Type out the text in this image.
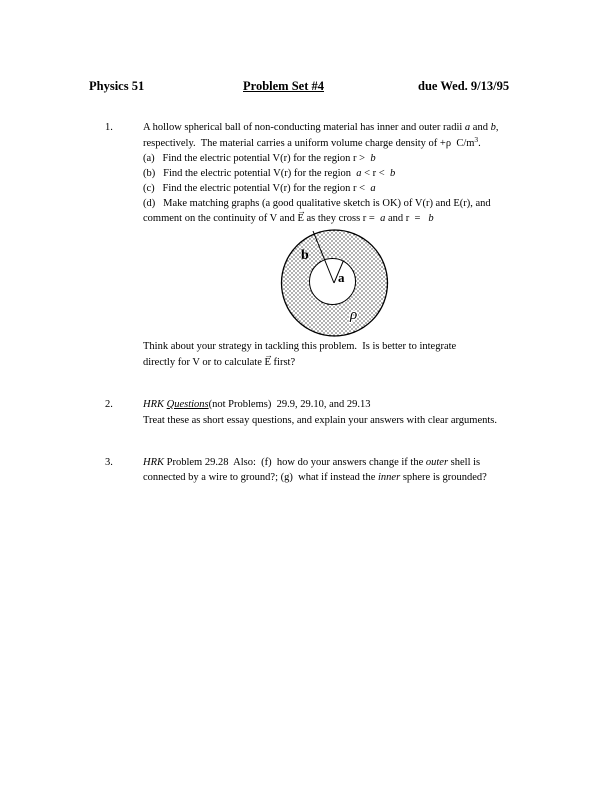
Physics 51	Problem Set #4	due Wed. 9/13/95
1.	A hollow spherical ball of non-conducting material has inner and outer radii a and b,
respectively.  The material carries a uniform volume charge density of +ρ  $C/m^3$.
(a)   Find the electric potential V(r) for the region r >  b
(b)   Find the electric potential V(r) for the region  a < r <  b
(c)   Find the electric potential V(r) for the region r <  a
(d)   Make matching graphs (a good qualitative sketch is OK) of V(r) and E(r), and
comment on the continuity of V and E → as they cross r =  a and r  =   b
b
a
ρ
Think about your strategy in tackling this problem.  Is is better to integrate
directly for V or to calculate E → first?
2.	HRK Questions(not Problems)  29.9, 29.10, and 29.13
Treat these as short essay questions, and explain your answers with clear arguments.
3.	HRK Problem 29.28  Also:  (f)  how do your answers change if the outer shell is
connected by a wire to ground?; (g)  what if instead the inner sphere is grounded?
